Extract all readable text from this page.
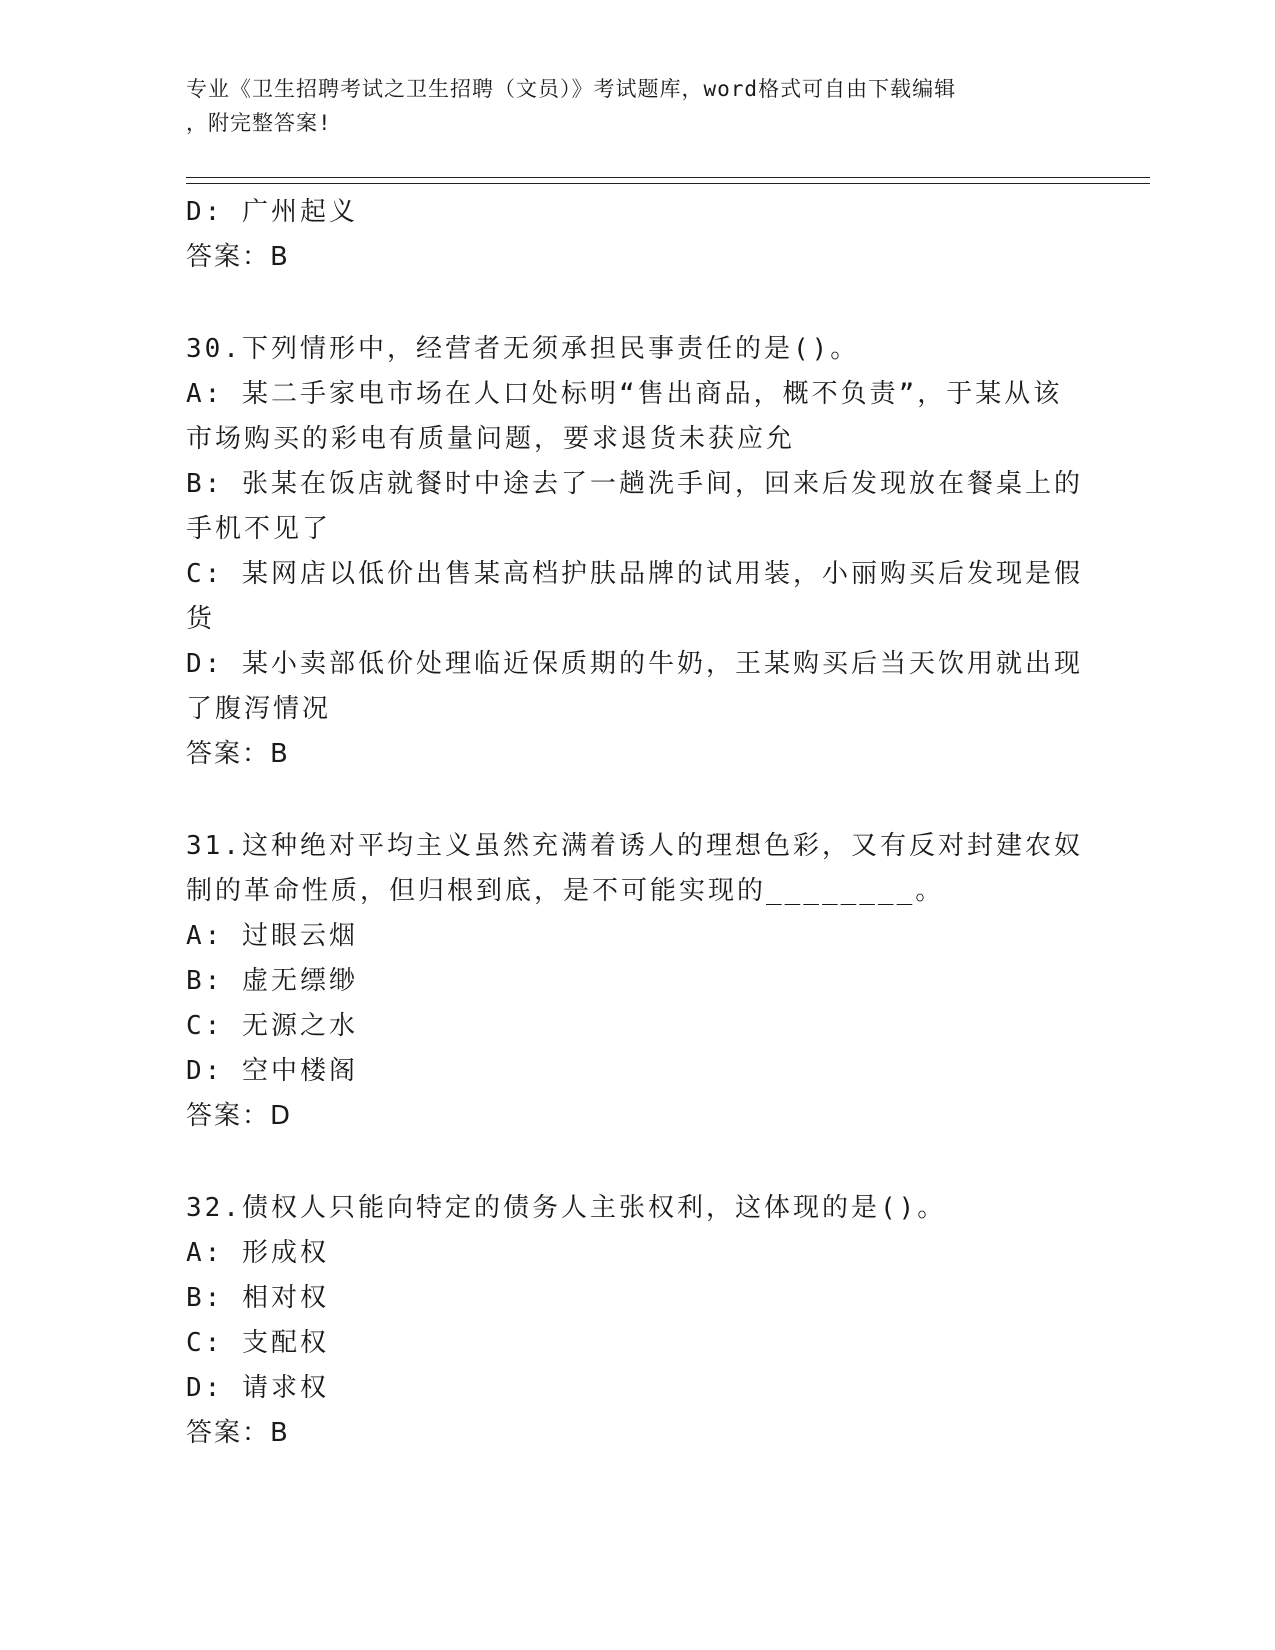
专业《卫生招聘考试之卫生招聘（文员）》考试题库，word格式可自由下载编辑
，附完整答案!
D: 广州起义
答案：B
30.下列情形中，经营者无须承担民事责任的是()。
A: 某二手家电市场在人口处标明“售出商品，概不负责”，于某从该
市场购买的彩电有质量问题，要求退货未获应允
B: 张某在饭店就餐时中途去了一趟洗手间，回来后发现放在餐桌上的
手机不见了
C: 某网店以低价出售某高档护肤品牌的试用装，小丽购买后发现是假
货
D: 某小卖部低价处理临近保质期的牛奶，王某购买后当天饮用就出现
了腹泻情况
答案：B
31.这种绝对平均主义虽然充满着诱人的理想色彩，又有反对封建农奴
制的革命性质，但归根到底，是不可能实现的________。
A: 过眼云烟
B: 虚无缥缈
C: 无源之水
D: 空中楼阁
答案：D
32.债权人只能向特定的债务人主张权利，这体现的是()。
A: 形成权
B: 相对权
C: 支配权
D: 请求权
答案：B
